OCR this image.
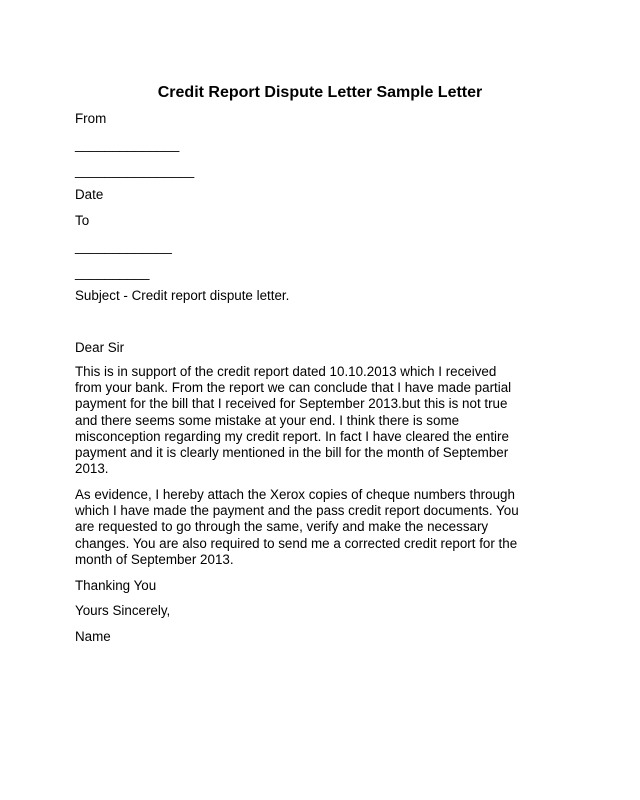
Credit Report Dispute Letter Sample Letter
From
______________
________________
Date
To
_____________
__________
Subject - Credit report dispute letter.
Dear Sir
This is in support of the credit report dated 10.10.2013 which I received
from your bank. From the report we can conclude that I have made partial
payment for the bill that I received for September 2013.but this is not true
and there seems some mistake at your end. I think there is some
misconception regarding my credit report. In fact I have cleared the entire
payment and it is clearly mentioned in the bill for the month of September
2013.
As evidence, I hereby attach the Xerox copies of cheque numbers through
which I have made the payment and the pass credit report documents. You
are requested to go through the same, verify and make the necessary
changes. You are also required to send me a corrected credit report for the
month of September 2013.
Thanking You
Yours Sincerely,
Name
